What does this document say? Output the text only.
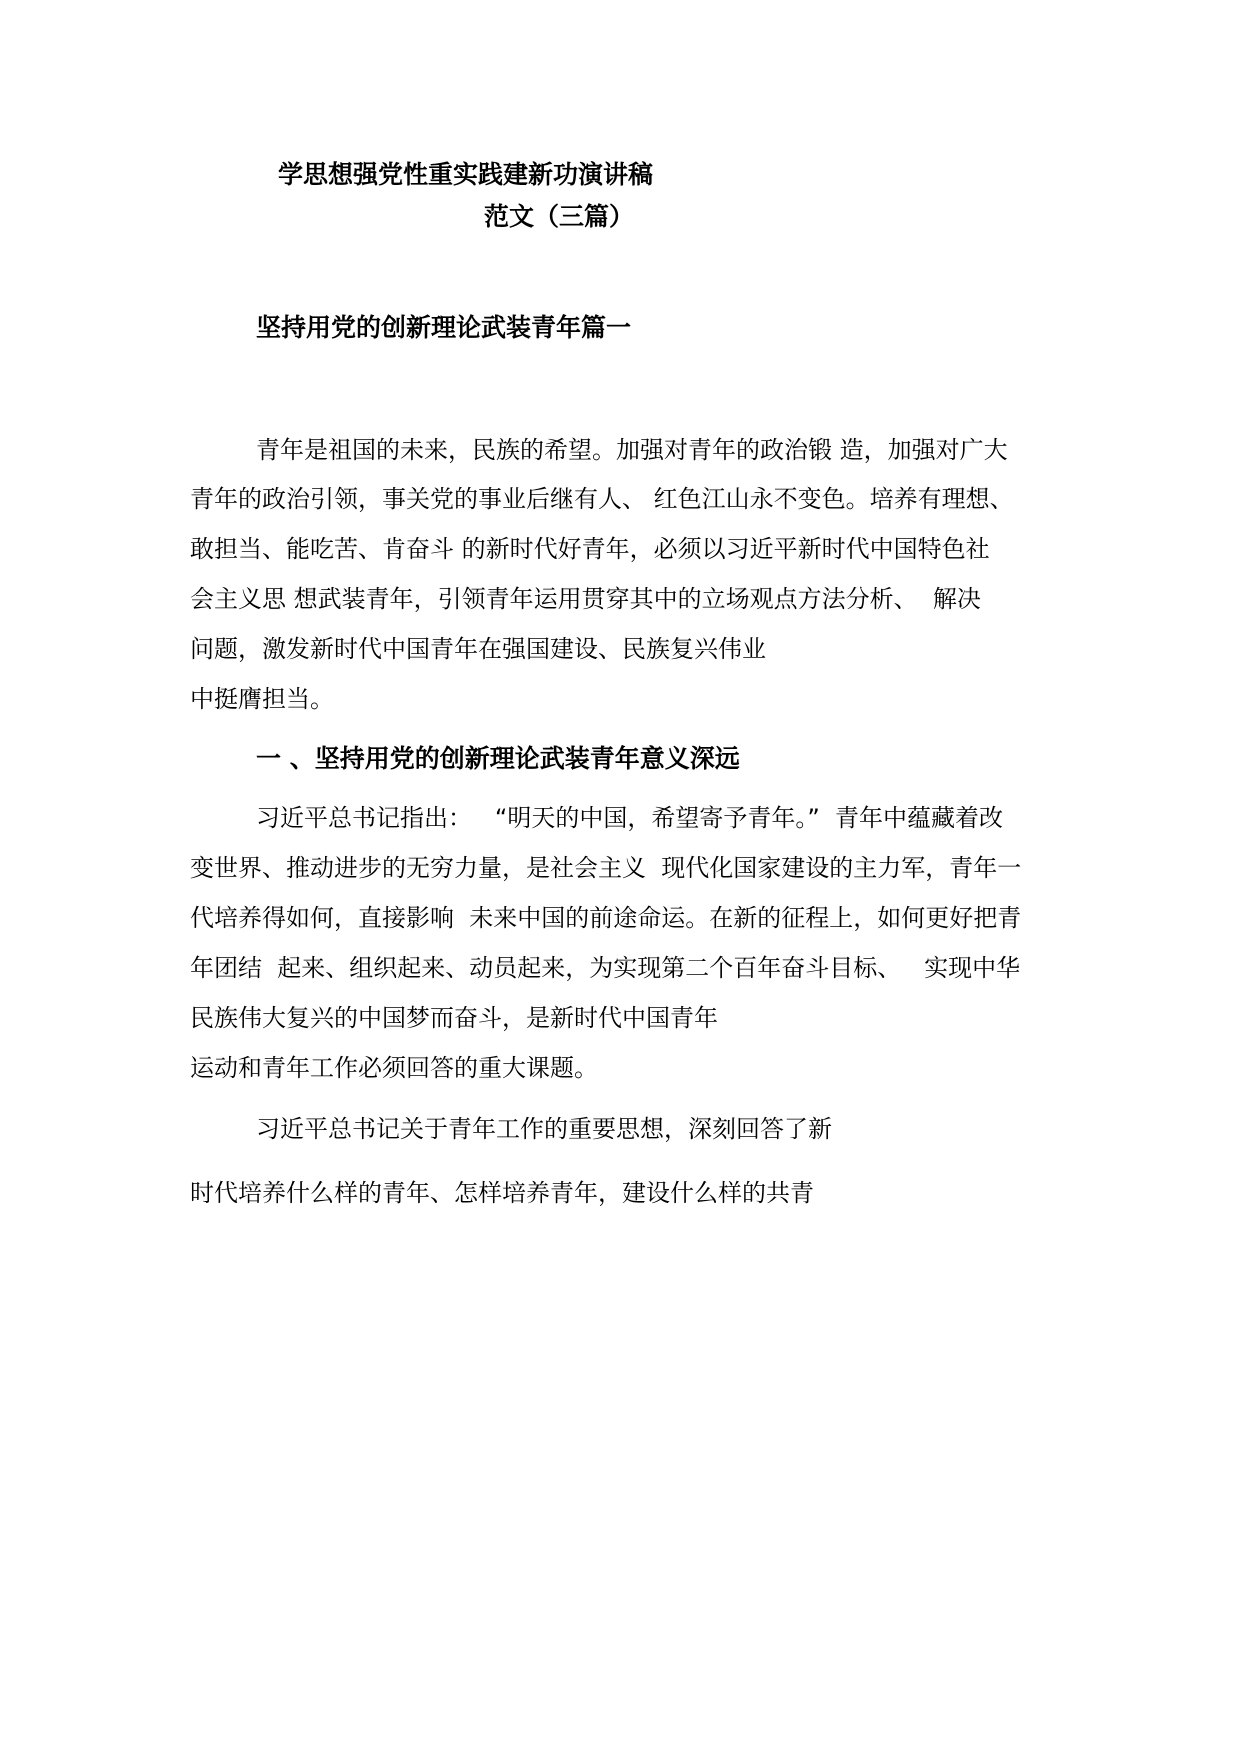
学思想强党性重实践建新功演讲稿
范文（三篇）
坚持用党的创新理论武装青年篇一
青年是祖国的未来，民族的希望。加强对青年的政治锻 造，加强对广大
青年的政治引领，事关党的事业后继有人、 红色江山永不变色。培养有理想、
敢担当、能吃苦、肯奋斗 的新时代好青年，必须以习近平新时代中国特色社
会主义思 想武装青年，引领青年运用贯穿其中的立场观点方法分析、  解决
问题，激发新时代中国青年在强国建设、民族复兴伟业
中挺膺担当。
一 、坚持用党的创新理论武装青年意义深远
习近平总书记指出：   “明天的中国，希望寄予青年。”  青年中蕴藏着改
变世界、推动进步的无穷力量，是社会主义  现代化国家建设的主力军，青年一
代培养得如何，直接影响  未来中国的前途命运。在新的征程上，如何更好把青
年团结  起来、组织起来、动员起来，为实现第二个百年奋斗目标、   实现中华
民族伟大复兴的中国梦而奋斗，是新时代中国青年
运动和青年工作必须回答的重大课题。
习近平总书记关于青年工作的重要思想，深刻回答了新
时代培养什么样的青年、怎样培养青年，建设什么样的共青
